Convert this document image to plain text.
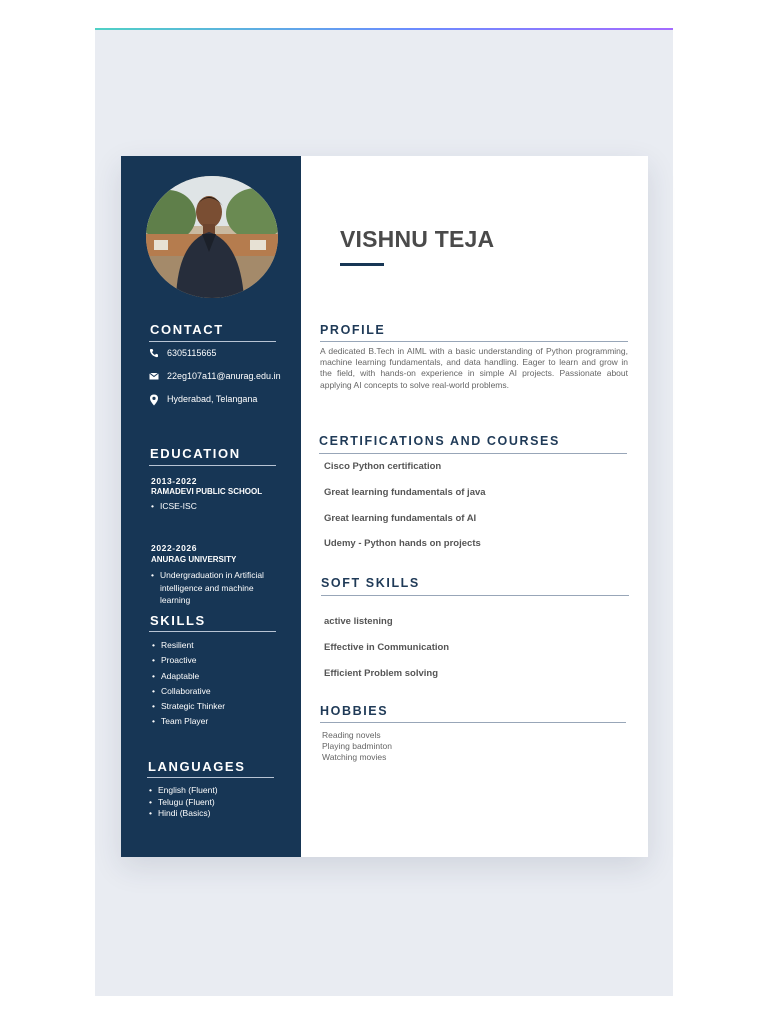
CONTACT
6305115665
22eg107a11@anurag.edu.in
Hyderabad, Telangana
EDUCATION
2013-2022
RAMADEVI PUBLIC SCHOOL
• ICSE-ISC
2022-2026
ANURAG UNIVERSITY
• Undergraduation in Artificial intelligence and machine learning
SKILLS
• Resilient
• Proactive
• Adaptable
• Collaborative
• Strategic Thinker
• Team Player
LANGUAGES
• English (Fluent)
• Telugu (Fluent)
• Hindi (Basics)
VISHNU TEJA
PROFILE
A dedicated B.Tech in AIML with a basic understanding of Python programming, machine learning fundamentals, and data handling. Eager to learn and grow in the field, with hands-on experience in simple AI projects. Passionate about applying AI concepts to solve real-world problems.
CERTIFICATIONS AND COURSES
Cisco Python certification
Great learning fundamentals of java
Great learning fundamentals of AI
Udemy - Python hands on projects
SOFT SKILLS
active listening
Effective in Communication
Efficient Problem solving
HOBBIES
Reading novels
Playing badminton
Watching movies
